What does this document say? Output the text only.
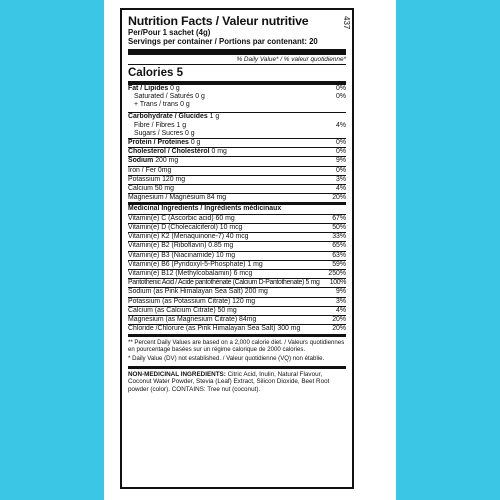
Nutrition Facts / Valeur nutritive
Per/Pour 1 sachet (4g)
Servings per container / Portions par contenant: 20
% Daily Value* / % valeur quotidienne*
Calories 5
Fat / Lipides 0 g	0%
Saturated / Saturés 0 g	0%
+ Trans / trans 0 g
Carbohydrate / Glucides 1 g
Fibre / Fibres 1 g	4%
Sugars / Sucres 0 g
Protein / Proteines 0 g	0%
Cholesterol / Cholestérol 0 mg	0%
Sodium 200 mg	9%
Iron / Fer 0mg	0%
Potassium 120 mg	3%
Calcium 50 mg	4%
Magnesium / Magnésium 84 mg	20%
Medicinal Ingredients / Ingrédients médicinaux
Vitamin(e) C (Ascorbic acid) 60 mg	67%
Vitamin(e) D (Cholecalciferol) 10 mcg	50%
Vitamin(e) K2 (Menaquinone-7) 40 mcg	33%
Vitamin(e) B2 (Riboflavin) 0.85 mg	65%
Vitamin(e) B3 (Niacinamide) 10 mg	63%
Vitamin(e) B6 (Pyridoxyl-5-Phosphate) 1 mg	59%
Vitamin(e) B12 (Methylcobalamin) 6 mcg	250%
Pantothenic Acid / Acide pantothénate (Calcium D-Pantothenate) 5 mg 100%
Sodium (as Pink Himalayan Sea Salt) 200 mg	9%
Potassium (as Potassium Citrate) 120 mg	3%
Calcium (as Calcium Citrate) 50 mg	4%
Magnesium (as Magnesium Citrate) 84mg	20%
Chloride /Chlorure (as Pink Himalayan Sea Salt) 300 mg	20%
** Percent Daily Values are based on a 2,000 calorie diet. / Valeurs quotidiennes en pourcentage basées sur un régime calorique de 2000 calories.
* Daily Value (DV) not established. / Valeur quotidienne (VQ) non établie.
NON-MEDICINAL INGREDIENTS: Citric Acid, Inulin, Natural Flavour, Coconut Water Powder, Stevia (Leaf) Extract, Silicon Dioxide, Beet Root powder (color). CONTAINS: Tree nut (coconut).
437
